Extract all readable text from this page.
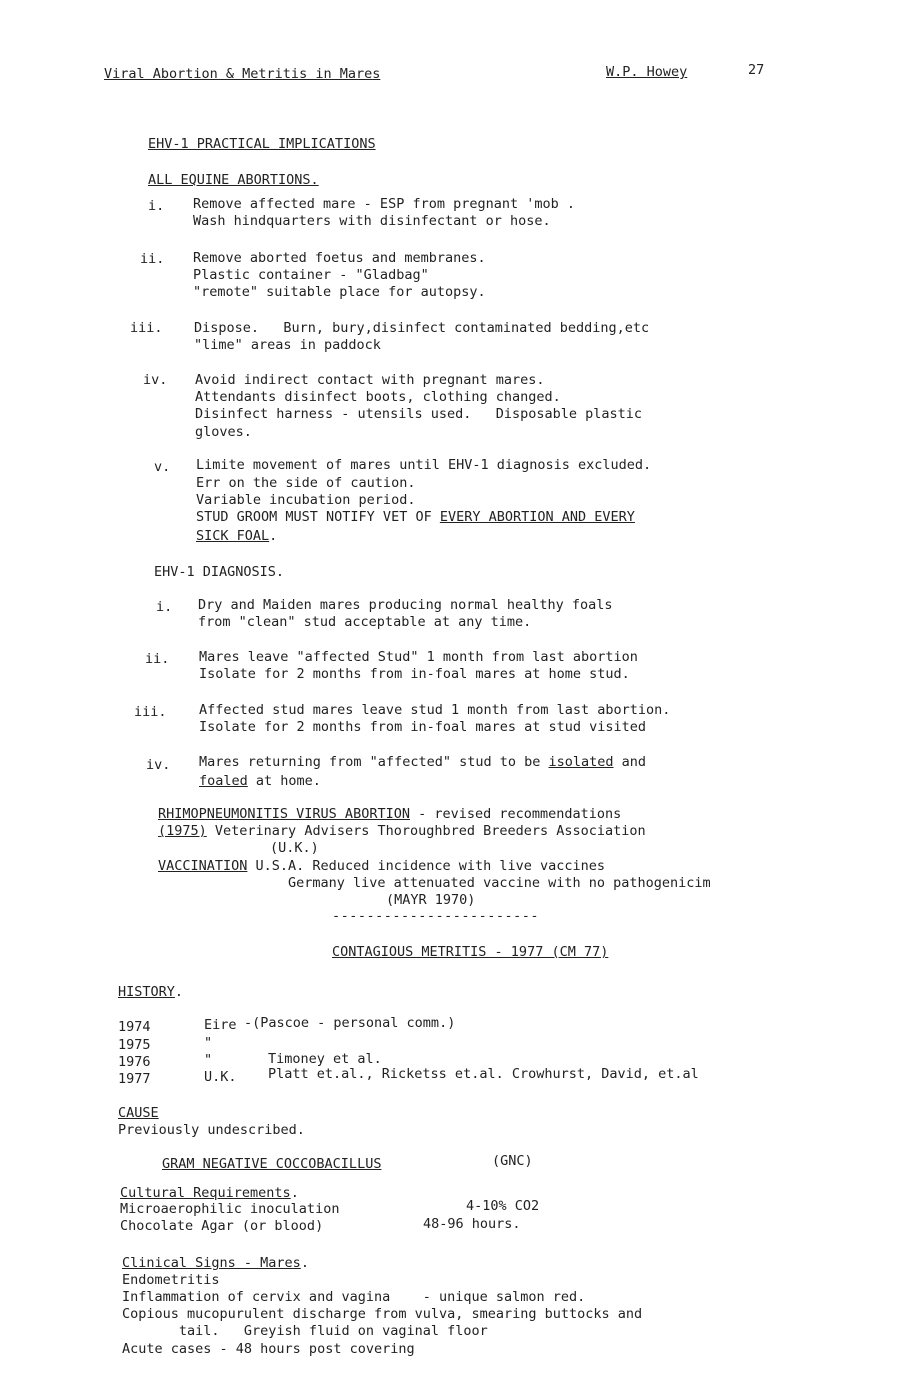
Viral Abortion & Metritis in Mares	W.P. Howey	27
EHV-1 PRACTICAL IMPLICATIONS
ALL EQUINE ABORTIONS.
i. Remove affected mare - ESP from pregnant 'mob .
Wash hindquarters with disinfectant or hose.
ii. Remove aborted foetus and membranes.
Plastic container - "Gladbag"
"remote" suitable place for autopsy.
iii. Dispose.   Burn, bury,disinfect contaminated bedding,etc
"lime" areas in paddock
iv. Avoid indirect contact with pregnant mares.
Attendants disinfect boots, clothing changed.
Disinfect harness - utensils used.   Disposable plastic
gloves.
v. Limite movement of mares until EHV-1 diagnosis excluded.
Err on the side of caution.
Variable incubation period.
STUD GROOM MUST NOTIFY VET OF EVERY ABORTION AND EVERY
SICK FOAL.
EHV-1 DIAGNOSIS.
i. Dry and Maiden mares producing normal healthy foals
from "clean" stud acceptable at any time.
ii. Mares leave "affected Stud" 1 month from last abortion
Isolate for 2 months from in-foal mares at home stud.
iii. Affected stud mares leave stud 1 month from last abortion.
Isolate for 2 months from in-foal mares at stud visited
iv. Mares returning from "affected" stud to be isolated and
foaled at home.
RHIMOPNEUMONITIS VIRUS ABORTION - revised recommendations
(1975) Veterinary Advisers Thoroughbred Breeders Association
(U.K.)
VACCINATION U.S.A. Reduced incidence with live vaccines
Germany live attenuated vaccine with no pathogenicim
(MAYR 1970)
------------------------
CONTAGIOUS METRITIS - 1977 (CM 77)
HISTORY.
1974	Eire -(Pascoe - personal comm.)
1975	"
1976	"	Timoney et al.
1977	U.K. Platt et.al., Ricketss et.al. Crowhurst, David, et.al
CAUSE
Previously undescribed.
GRAM NEGATIVE COCCOBACILLUS	(GNC)
Cultural Requirements.
Microaerophilic inoculation	4-10% CO2
Chocolate Agar (or blood)	48-96 hours.
Clinical Signs - Mares.
Endometritis
Inflammation of cervix and vagina    - unique salmon red.
Copious mucopurulent discharge from vulva, smearing buttocks and
tail.   Greyish fluid on vaginal floor
Acute cases - 48 hours post covering
